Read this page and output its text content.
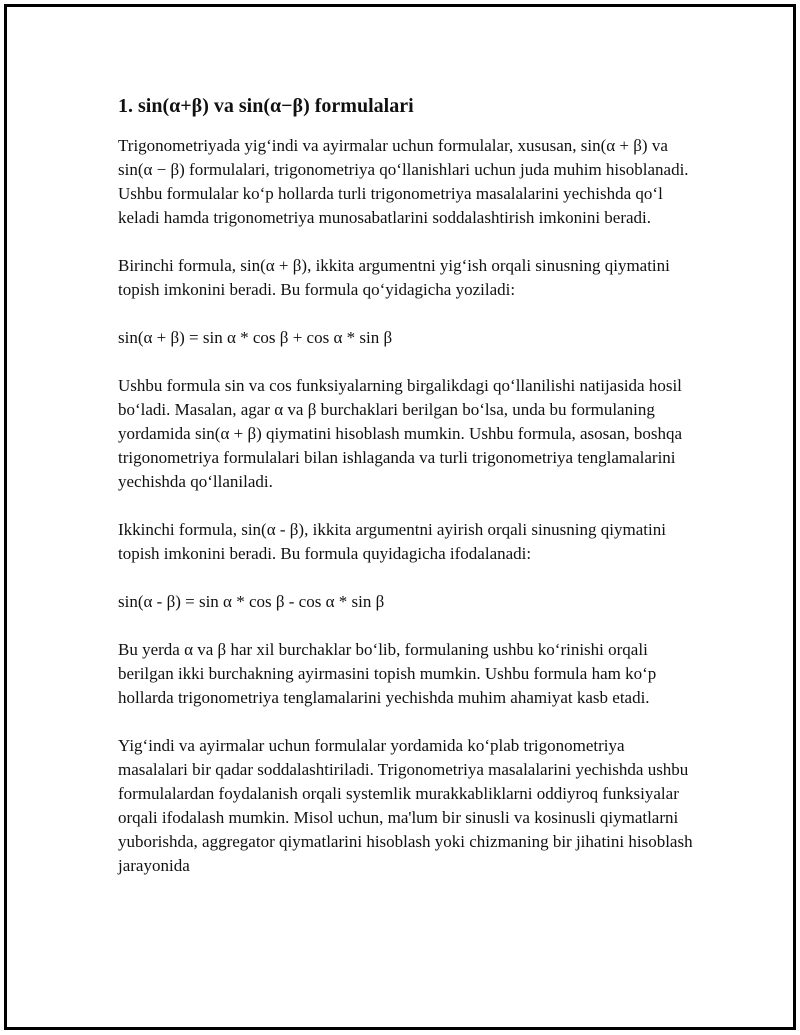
1. sin(α+β) va sin(α−β) formulalari

Trigonometriyada yig‘indi va ayirmalar uchun formulalar, xususan, sin(α + β) va sin(α − β) formulalari, trigonometriya qo‘llanishlari uchun juda muhim hisoblanadi. Ushbu formulalar ko‘p hollarda turli trigonometriya masalalarini yechishda qo‘l keladi hamda trigonometriya munosabatlarini soddalashtirish imkonini beradi.

Birinchi formula, sin(α + β), ikkita argumentni yig‘ish orqali sinusning qiymatini topish imkonini beradi. Bu formula qo‘yidagicha yoziladi:

sin(α + β) = sin α * cos β + cos α * sin β

Ushbu formula sin va cos funksiyalarning birgalikdagi qo‘llanilishi natijasida hosil bo‘ladi. Masalan, agar α va β burchaklari berilgan bo‘lsa, unda bu formulaning yordamida sin(α + β) qiymatini hisoblash mumkin. Ushbu formula, asosan, boshqa trigonometriya formulalari bilan ishlaganda va turli trigonometriya tenglamalarini yechishda qo‘llaniladi.

Ikkinchi formula, sin(α - β), ikkita argumentni ayirish orqali sinusning qiymatini topish imkonini beradi. Bu formula quyidagicha ifodalanadi:

sin(α - β) = sin α * cos β - cos α * sin β

Bu yerda α va β har xil burchaklar bo‘lib, formulaning ushbu ko‘rinishi orqali berilgan ikki burchakning ayirmasini topish mumkin. Ushbu formula ham ko‘p hollarda trigonometriya tenglamalarini yechishda muhim ahamiyat kasb etadi.

Yig‘indi va ayirmalar uchun formulalar yordamida ko‘plab trigonometriya masalalari bir qadar soddalashtiriladi. Trigonometriya masalalarini yechishda ushbu formulalardan foydalanish orqali systemlik murakkabliklarni oddiyroq funksiyalar orqali ifodalash mumkin. Misol uchun, ma'lum bir sinusli va kosinusli qiymatlarni yuborishda, aggregator qiymatlarini hisoblash yoki chizmaning bir jihatini hisoblash jarayonida
